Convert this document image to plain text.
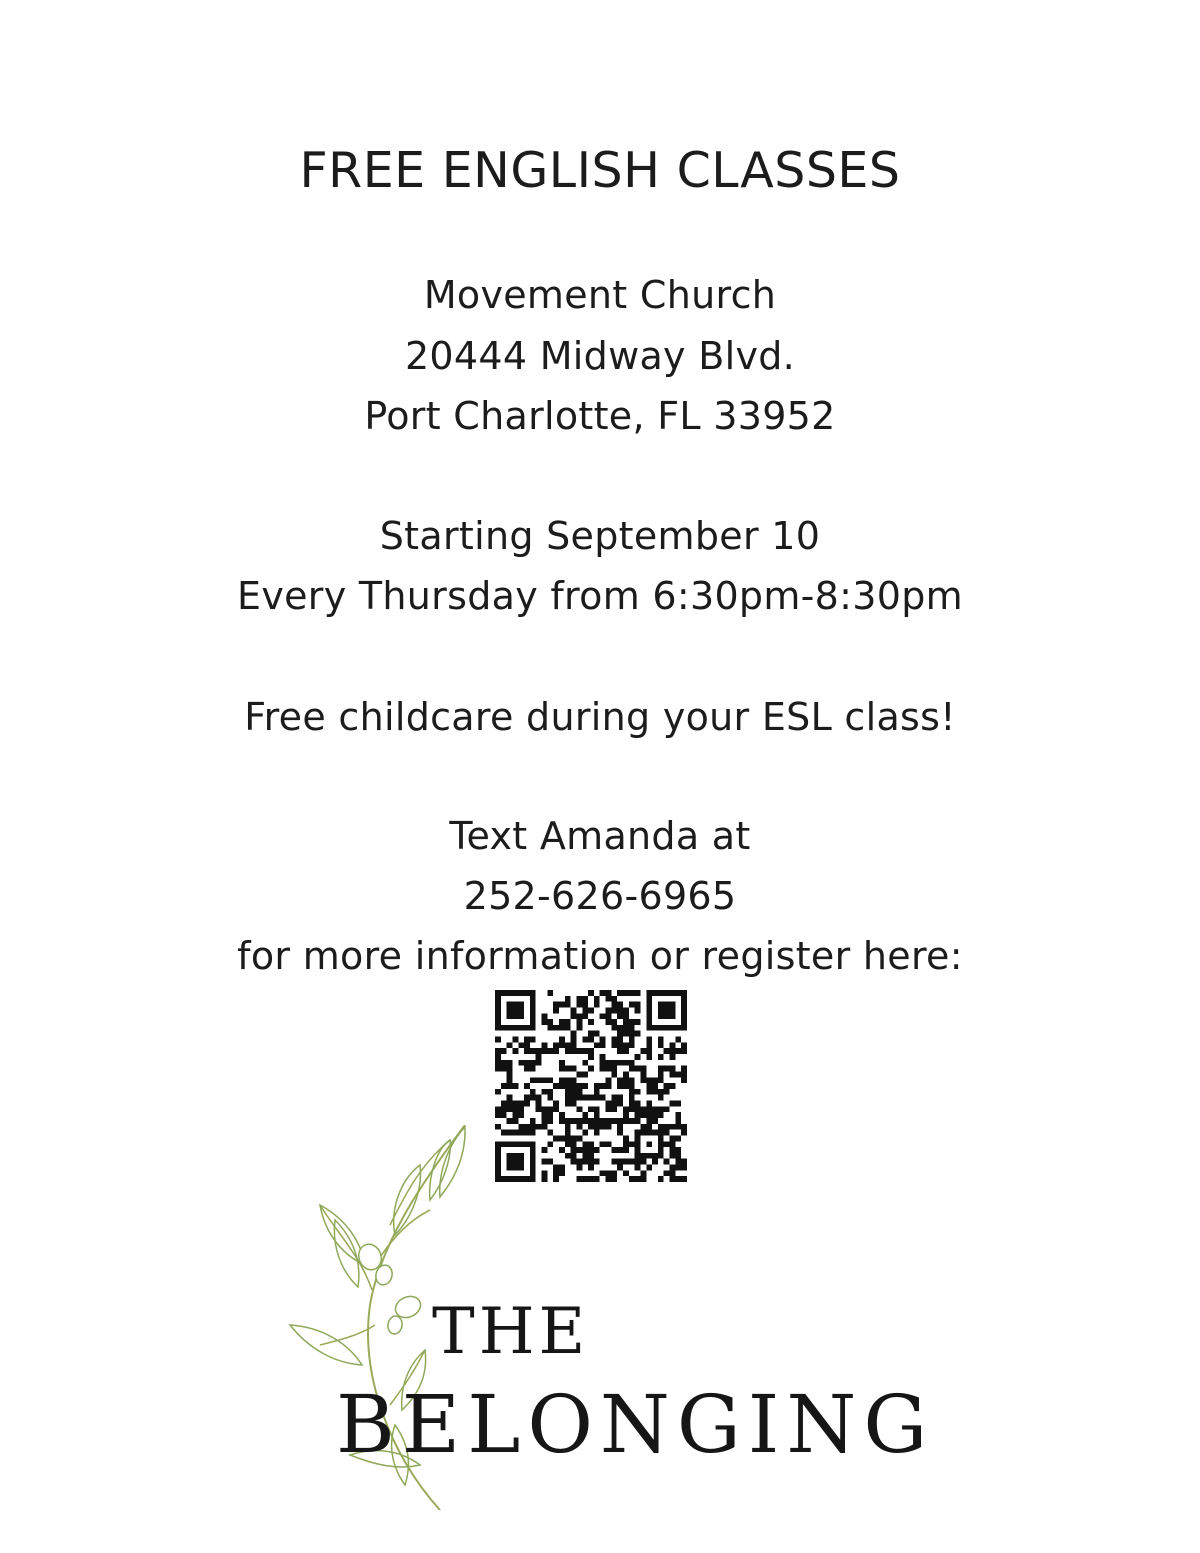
FREE ENGLISH CLASSES
Movement Church
20444 Midway Blvd.
Port Charlotte, FL 33952
Starting September 10
Every Thursday from 6:30pm-8:30pm
Free childcare during your ESL class!
Text Amanda at
252-626-6965
for more information or register here:
THE
BELONGING
